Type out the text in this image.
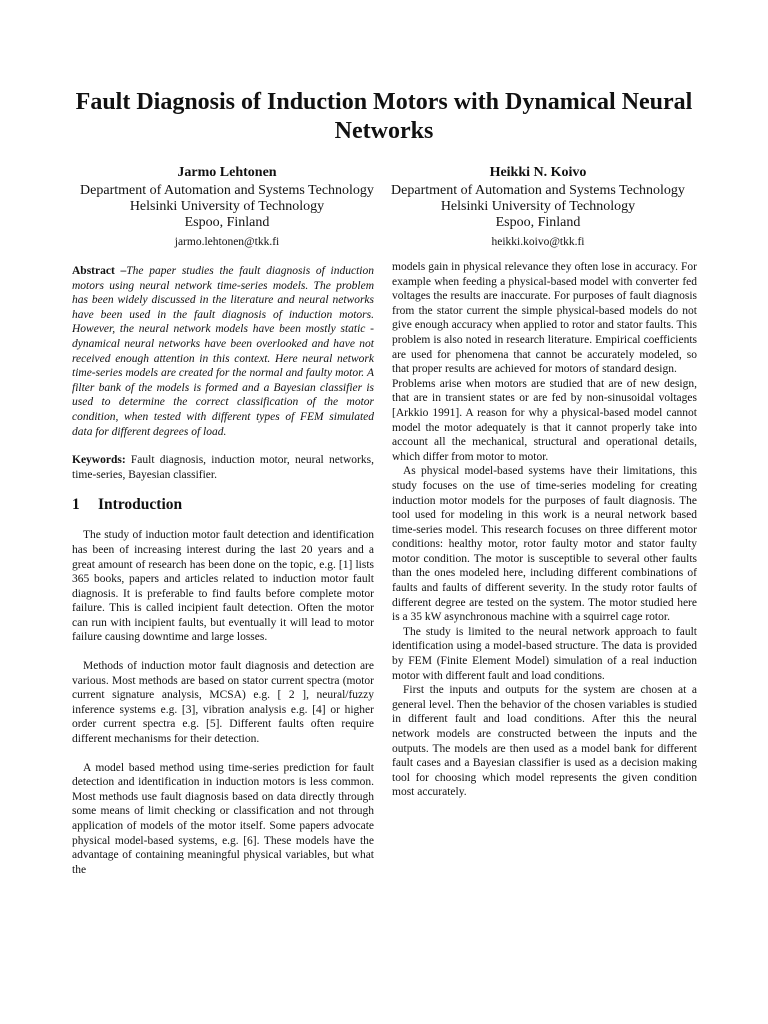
Fault Diagnosis of Induction Motors with Dynamical Neural Networks
Jarmo Lehtonen
Department of Automation and Systems Technology
Helsinki University of Technology
Espoo, Finland
jarmo.lehtonen@tkk.fi
Heikki N. Koivo
Department of Automation and Systems Technology
Helsinki University of Technology
Espoo, Finland
heikki.koivo@tkk.fi

Abstract –The paper studies the fault diagnosis of induction motors using neural network time-series models. The problem has been widely discussed in the literature and neural networks have been used in the fault diagnosis of induction motors. However, the neural network models have been mostly static - dynamical neural networks have been overlooked and have not received enough attention in this context. Here neural network time-series models are created for the normal and faulty motor. A filter bank of the models is formed and a Bayesian classifier is used to determine the correct classification of the motor condition, when tested with different types of FEM simulated data for different degrees of load.

Keywords: Fault diagnosis, induction motor, neural networks, time-series, Bayesian classifier.

1 Introduction

The study of induction motor fault detection and identification has been of increasing interest during the last 20 years and a great amount of research has been done on the topic, e.g. [1] lists 365 books, papers and articles related to induction motor fault diagnosis. It is preferable to find faults before complete motor failure. This is called incipient fault detection. Often the motor can run with incipient faults, but eventually it will lead to motor failure causing downtime and large losses.

Methods of induction motor fault diagnosis and detection are various. Most methods are based on stator current spectra (motor current signature analysis, MCSA) e.g. [ 2 ], neural/fuzzy inference systems e.g. [3], vibration analysis e.g. [4] or higher order current spectra e.g. [5]. Different faults often require different mechanisms for their detection.

A model based method using time-series prediction for fault detection and identification in induction motors is less common. Most methods use fault diagnosis based on data directly through some means of limit checking or classification and not through application of models of the motor itself. Some papers advocate physical model-based systems, e.g. [6]. These models have the advantage of containing meaningful physical variables, but what the

models gain in physical relevance they often lose in accuracy. For example when feeding a physical-based model with converter fed voltages the results are inaccurate. For purposes of fault diagnosis from the stator current the simple physical-based models do not give enough accuracy when applied to rotor and stator faults. This problem is also noted in research literature. Empirical coefficients are used for phenomena that cannot be accurately modeled, so that proper results are achieved for motors of standard design.

Problems arise when motors are studied that are of new design, that are in transient states or are fed by non-sinusoidal voltages [Arkkio 1991]. A reason for why a physical-based model cannot model the motor adequately is that it cannot properly take into account all the mechanical, structural and operational details, which differ from motor to motor.

As physical model-based systems have their limitations, this study focuses on the use of time-series modeling for creating induction motor models for the purposes of fault diagnosis. The tool used for modeling in this work is a neural network based time-series model. This research focuses on three different motor conditions: healthy motor, rotor faulty motor and stator faulty motor condition. The motor is susceptible to several other faults than the ones modeled here, including different combinations of faults and faults of different severity. In the study rotor faults of different degree are tested on the system. The motor studied here is a 35 kW asynchronous machine with a squirrel cage rotor.

The study is limited to the neural network approach to fault identification using a model-based structure. The data is provided by FEM (Finite Element Model) simulation of a real induction motor with different fault and load conditions.

First the inputs and outputs for the system are chosen at a general level. Then the behavior of the chosen variables is studied in different fault and load conditions. After this the neural network models are constructed between the inputs and the outputs. The models are then used as a model bank for different fault cases and a Bayesian classifier is used as a decision making tool for choosing which model represents the given condition most accurately.
